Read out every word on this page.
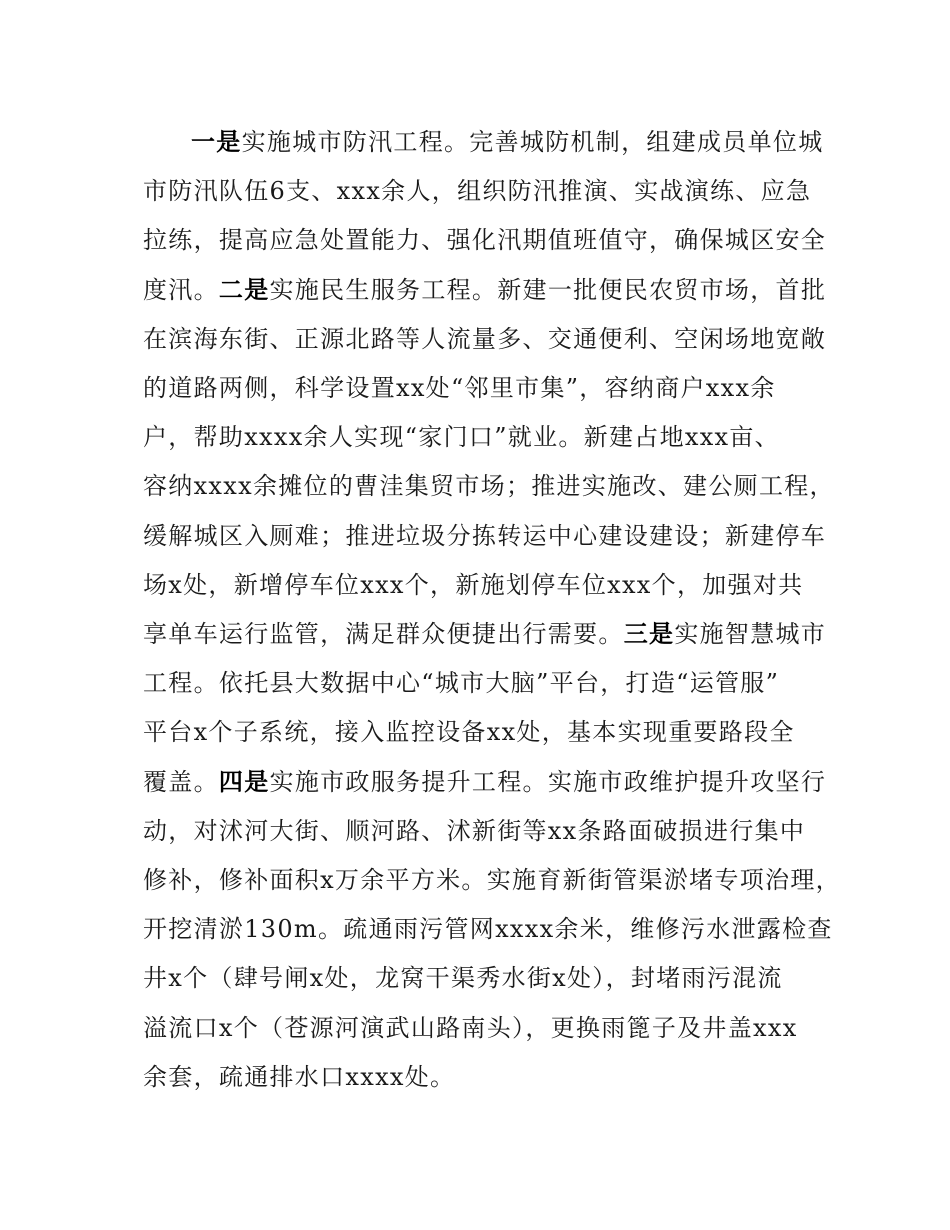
一是实施城市防汛工程。完善城防机制，组建成员单位城
市防汛队伍6支、xxx余人，组织防汛推演、实战演练、应急
拉练，提高应急处置能力、强化汛期值班值守，确保城区安全
度汛。二是实施民生服务工程。新建一批便民农贸市场，首批
在滨海东街、正源北路等人流量多、交通便利、空闲场地宽敞
的道路两侧，科学设置xx处“邻里市集”，容纳商户xxx余
户，帮助xxxx余人实现“家门口”就业。新建占地xxx亩、
容纳xxxx余摊位的曹洼集贸市场；推进实施改、建公厕工程，
缓解城区入厕难；推进垃圾分拣转运中心建设建设；新建停车
场x处，新增停车位xxx个，新施划停车位xxx个，加强对共
享单车运行监管，满足群众便捷出行需要。三是实施智慧城市
工程。依托县大数据中心“城市大脑”平台，打造“运管服”
平台x个子系统，接入监控设备xx处，基本实现重要路段全
覆盖。四是实施市政服务提升工程。实施市政维护提升攻坚行
动，对沭河大街、顺河路、沭新街等xx条路面破损进行集中
修补，修补面积x万余平方米。实施育新街管渠淤堵专项治理，
开挖清淤130m。疏通雨污管网xxxx余米，维修污水泄露检查
井x个（肆号闸x处，龙窝干渠秀水街x处），封堵雨污混流
溢流口x个（苍源河演武山路南头），更换雨篦子及井盖xxx
余套，疏通排水口xxxx处。
